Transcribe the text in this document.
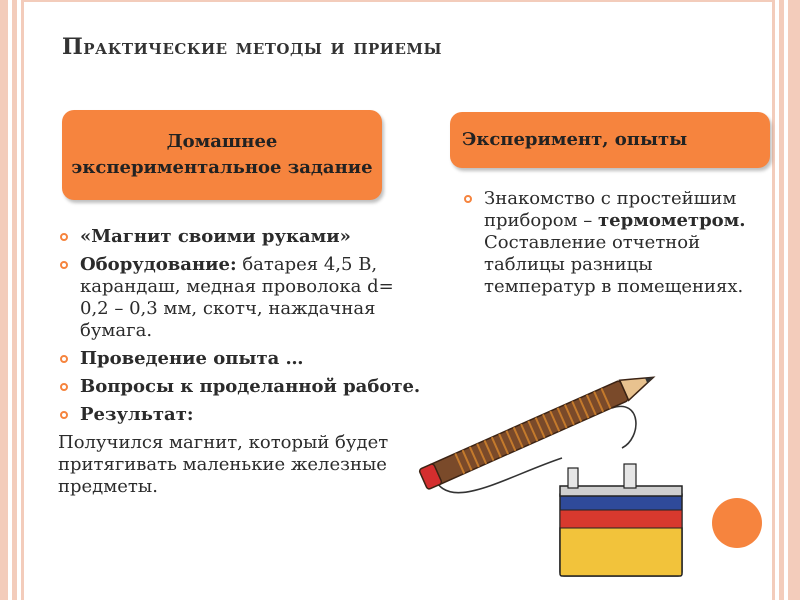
Практические методы и приемы
Домашнее экспериментальное задание
Эксперимент, опыты
«Магнит своими руками»
Оборудование: батарея 4,5 В, карандаш, медная проволока d= 0,2 – 0,3 мм, скотч, наждачная бумага.
Проведение опыта …
Вопросы к проделанной работе.
Результат:
Получился магнит, который будет притягивать маленькие железные предметы.
Знакомство с простейшим прибором – термометром. Составление отчетной таблицы разницы температур в помещениях.
